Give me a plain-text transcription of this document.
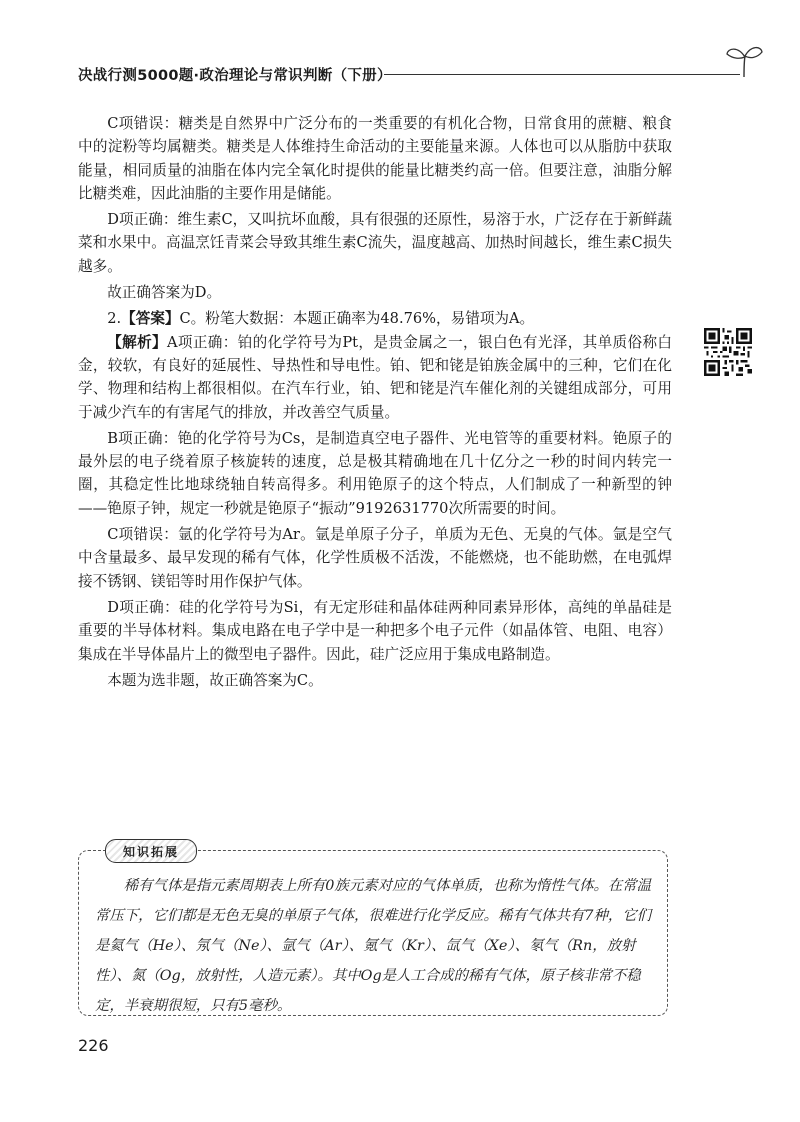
决战行测5000题·政治理论与常识判断（下册）

C项错误：糖类是自然界中广泛分布的一类重要的有机化合物，日常食用的蔗糖、粮食中的淀粉等均属糖类。糖类是人体维持生命活动的主要能量来源。人体也可以从脂肪中获取能量，相同质量的油脂在体内完全氧化时提供的能量比糖类约高一倍。但要注意，油脂分解比糖类难，因此油脂的主要作用是储能。

D项正确：维生素C，又叫抗坏血酸，具有很强的还原性，易溶于水，广泛存在于新鲜蔬菜和水果中。高温烹饪青菜会导致其维生素C流失，温度越高、加热时间越长，维生素C损失越多。

故正确答案为D。

2.【答案】C。粉笔大数据：本题正确率为48.76%，易错项为A。

【解析】A项正确：铂的化学符号为Pt，是贵金属之一，银白色有光泽，其单质俗称白金，较软，有良好的延展性、导热性和导电性。铂、钯和铑是铂族金属中的三种，它们在化学、物理和结构上都很相似。在汽车行业，铂、钯和铑是汽车催化剂的关键组成部分，可用于减少汽车的有害尾气的排放，并改善空气质量。

B项正确：铯的化学符号为Cs，是制造真空电子器件、光电管等的重要材料。铯原子的最外层的电子绕着原子核旋转的速度，总是极其精确地在几十亿分之一秒的时间内转完一圈，其稳定性比地球绕轴自转高得多。利用铯原子的这个特点，人们制成了一种新型的钟——铯原子钟，规定一秒就是铯原子“振动”9192631770次所需要的时间。

C项错误：氩的化学符号为Ar。氩是单原子分子，单质为无色、无臭的气体。氩是空气中含量最多、最早发现的稀有气体，化学性质极不活泼，不能燃烧，也不能助燃，在电弧焊接不锈钢、镁铝等时用作保护气体。

D项正确：硅的化学符号为Si，有无定形硅和晶体硅两种同素异形体，高纯的单晶硅是重要的半导体材料。集成电路在电子学中是一种把多个电子元件（如晶体管、电阻、电容）集成在半导体晶片上的微型电子器件。因此，硅广泛应用于集成电路制造。

本题为选非题，故正确答案为C。

知识拓展

稀有气体是指元素周期表上所有0族元素对应的气体单质，也称为惰性气体。在常温常压下，它们都是无色无臭的单原子气体，很难进行化学反应。稀有气体共有7种，它们是氦气（He）、氖气（Ne）、氩气（Ar）、氪气（Kr）、氙气（Xe）、氡气（Rn，放射性）、氮（Og，放射性，人造元素）。其中Og是人工合成的稀有气体，原子核非常不稳定，半衰期很短，只有5毫秒。

226
